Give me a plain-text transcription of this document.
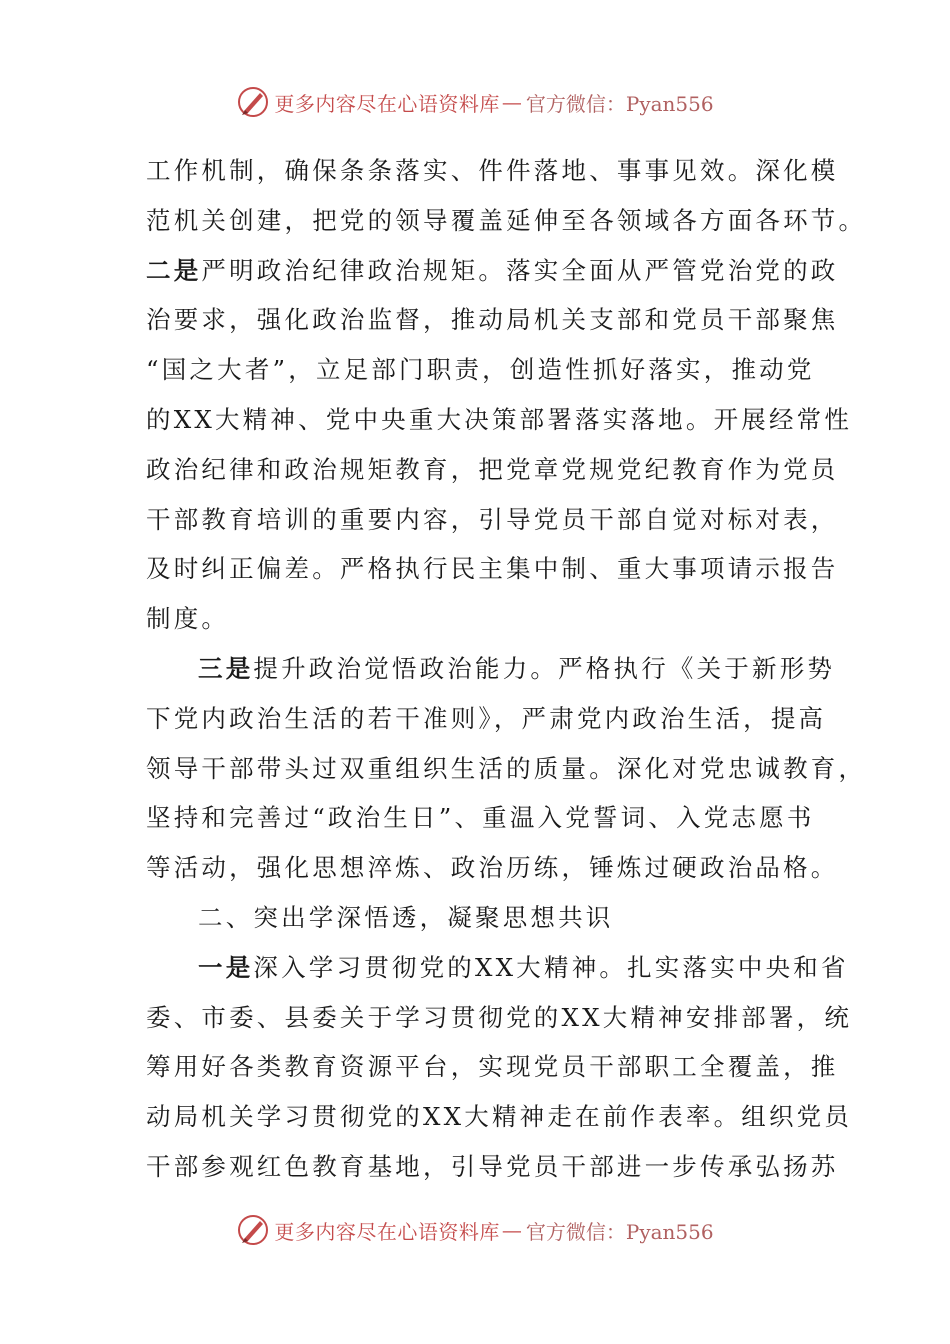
更多内容尽在心语资料库 — 官方微信：Pyan556
工作机制，确保条条落实、件件落地、事事见效。深化模
范机关创建，把党的领导覆盖延伸至各领域各方面各环节。
二是严明政治纪律政治规矩。落实全面从严管党治党的政
治要求，强化政治监督，推动局机关支部和党员干部聚焦
“国之大者”，立足部门职责，创造性抓好落实，推动党
的XX大精神、党中央重大决策部署落实落地。开展经常性
政治纪律和政治规矩教育，把党章党规党纪教育作为党员
干部教育培训的重要内容，引导党员干部自觉对标对表，
及时纠正偏差。严格执行民主集中制、重大事项请示报告
制度。
三是提升政治觉悟政治能力。严格执行《关于新形势
下党内政治生活的若干准则》，严肃党内政治生活，提高
领导干部带头过双重组织生活的质量。深化对党忠诚教育，
坚持和完善过“政治生日”、重温入党誓词、入党志愿书
等活动，强化思想淬炼、政治历练，锤炼过硬政治品格。
二、突出学深悟透，凝聚思想共识
一是深入学习贯彻党的XX大精神。扎实落实中央和省
委、市委、县委关于学习贯彻党的XX大精神安排部署，统
筹用好各类教育资源平台，实现党员干部职工全覆盖，推
动局机关学习贯彻党的XX大精神走在前作表率。组织党员
干部参观红色教育基地，引导党员干部进一步传承弘扬苏
更多内容尽在心语资料库 — 官方微信：Pyan556
